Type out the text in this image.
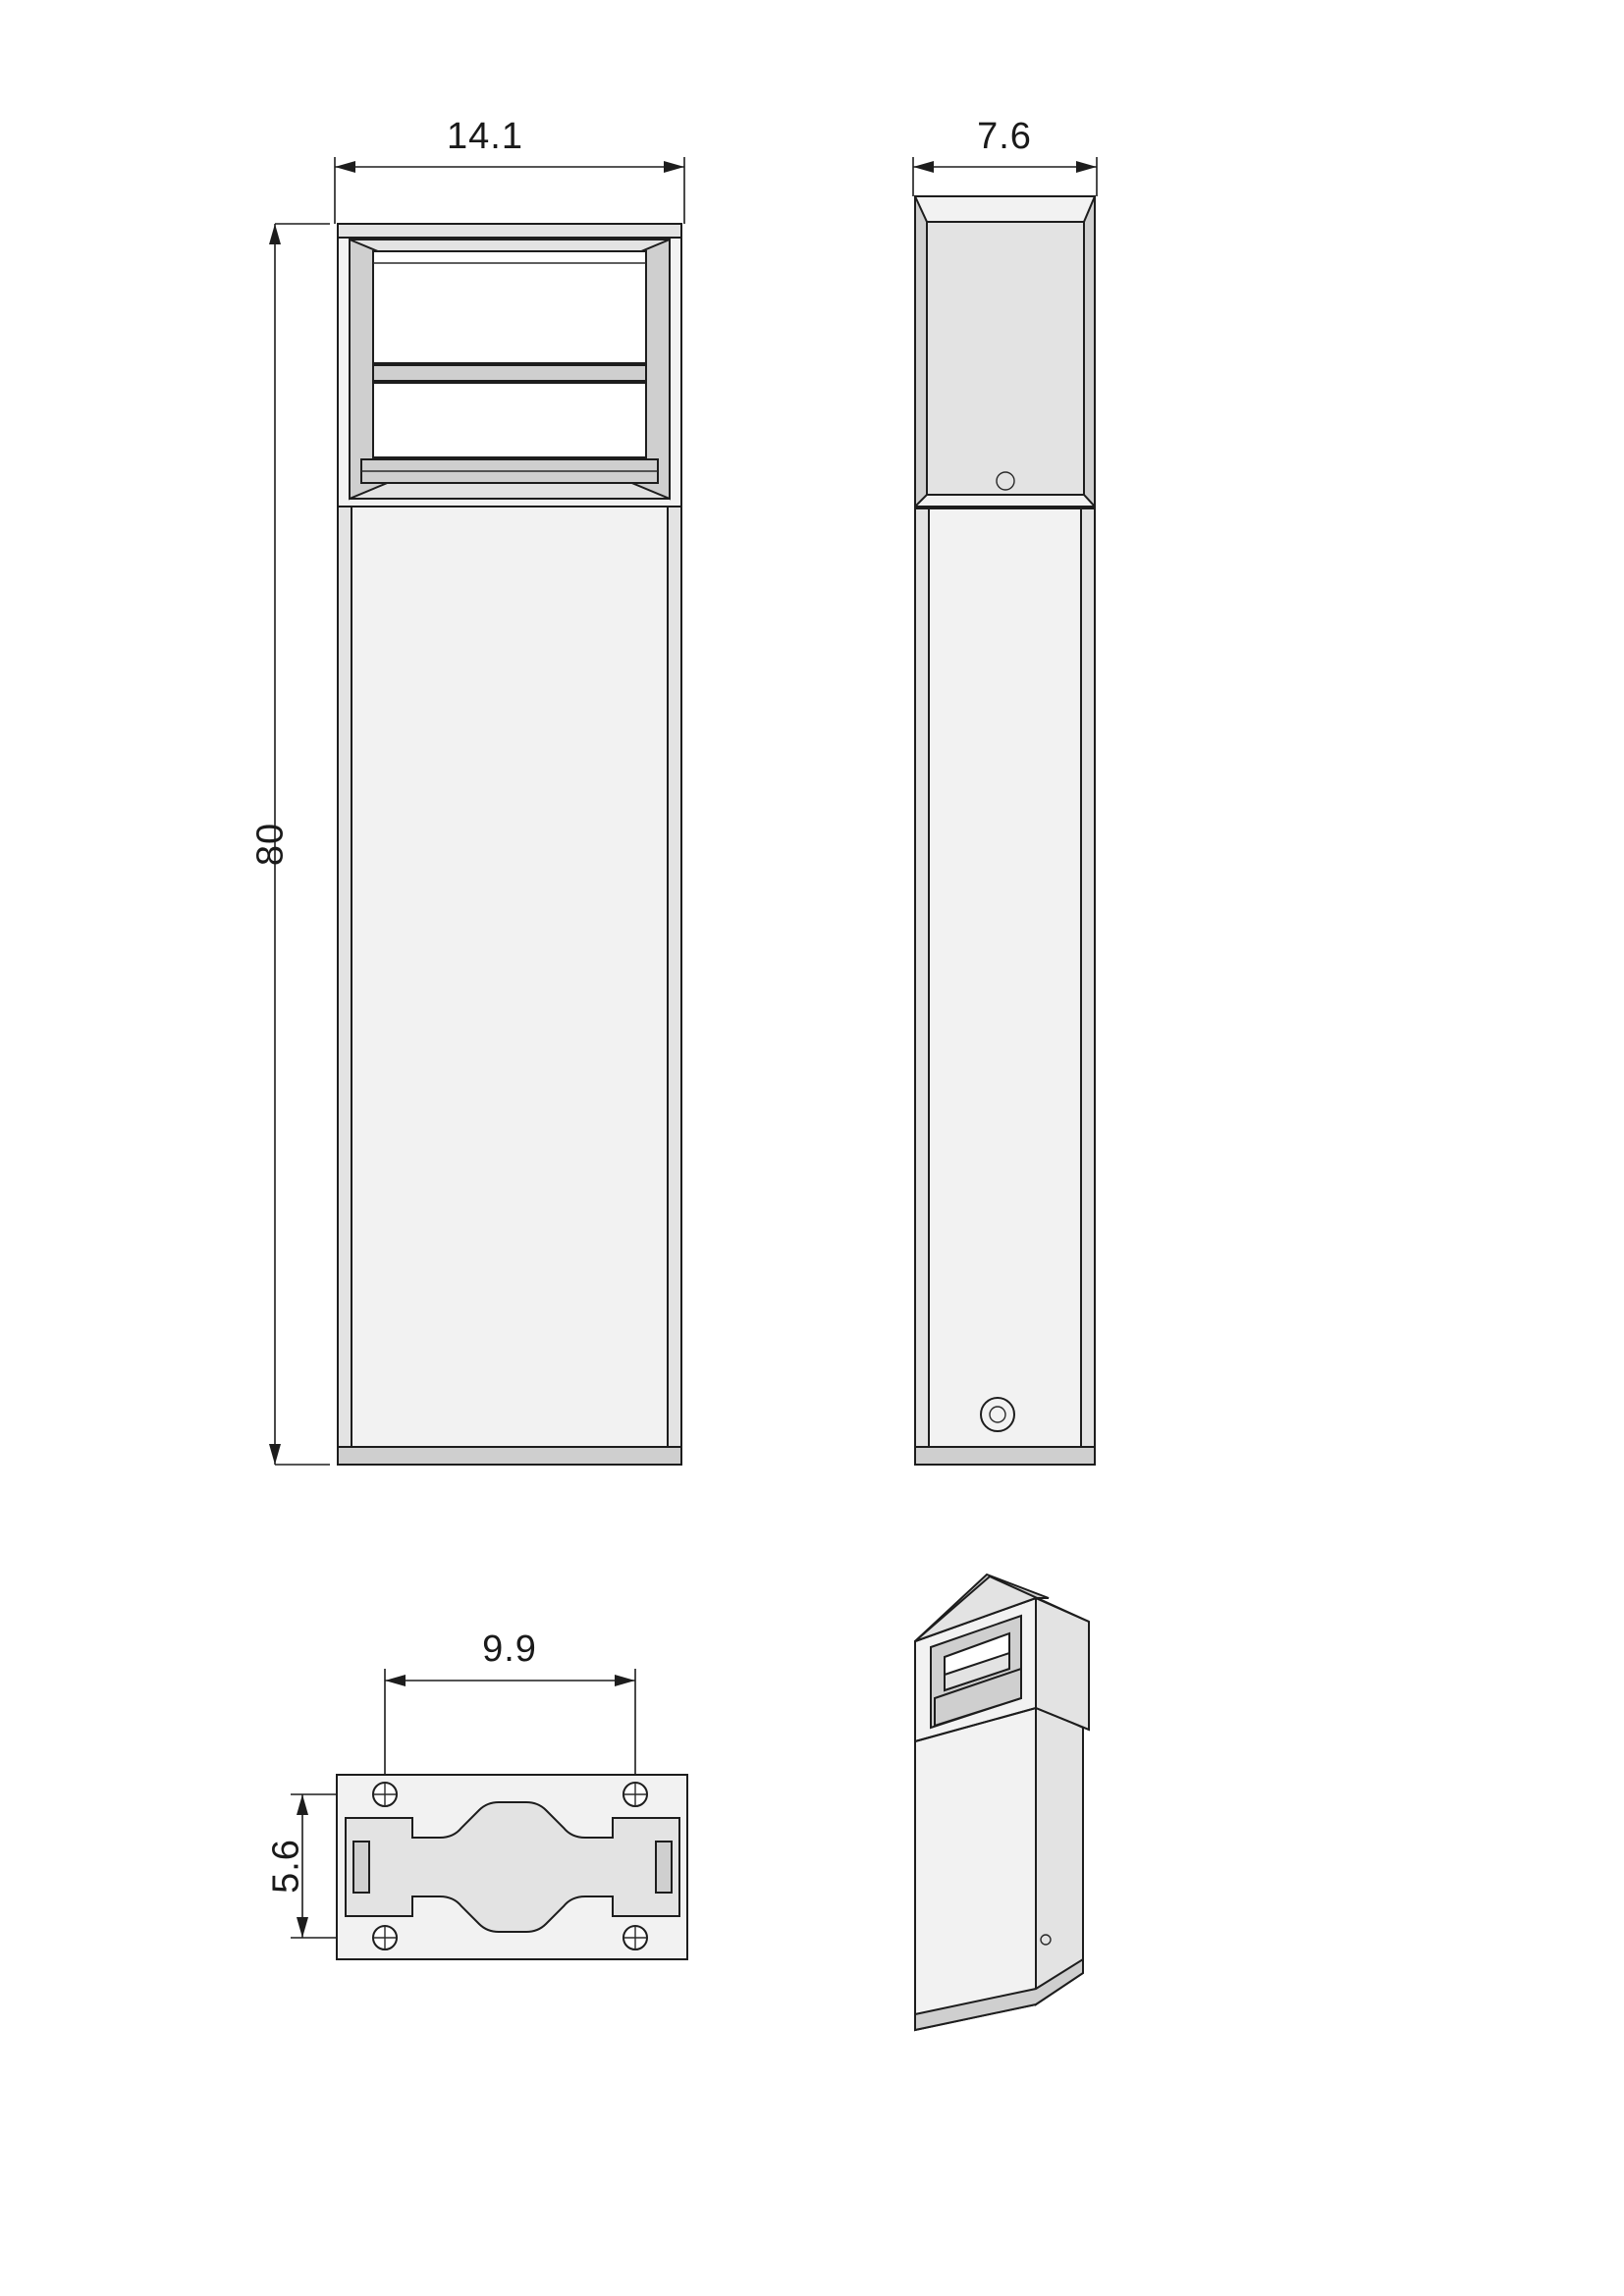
14.1
80
7.6
9.9
5.6
